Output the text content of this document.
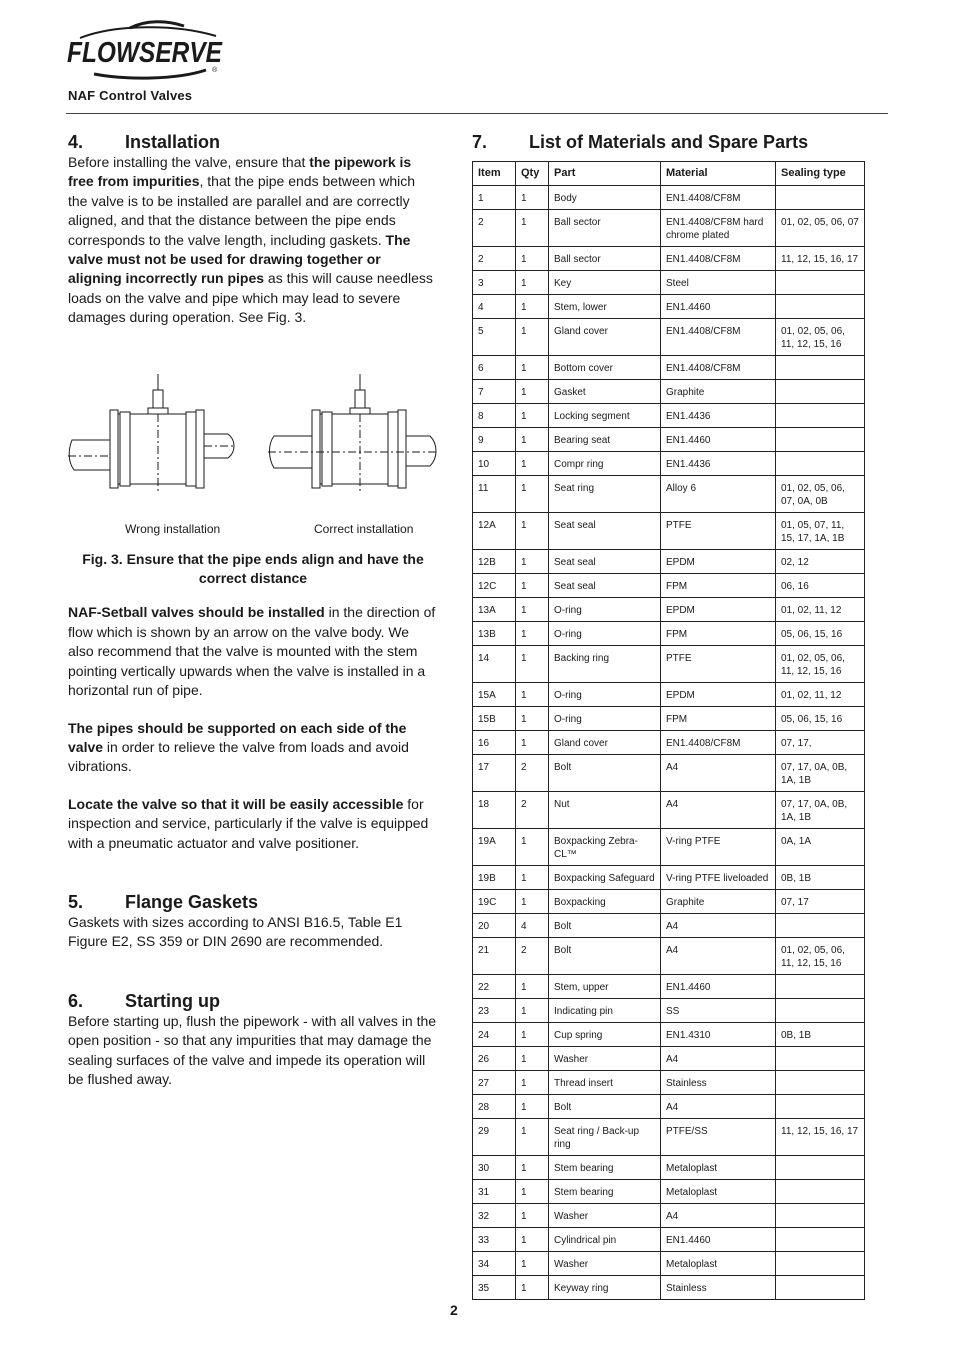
FLOWSERVE
®
NAF Control Valves
4.	Installation

Before installing the valve, ensure that the pipework is free from impurities, that the pipe ends between which the valve is to be installed are parallel and are correctly aligned, and that the distance between the pipe ends corresponds to the valve length, including gaskets. The valve must not be used for drawing together or aligning incorrectly run pipes as this will cause needless loads on the valve and pipe which may lead to severe damages during operation. See Fig. 3.

Wrong installation	Correct installation

Fig. 3. Ensure that the pipe ends align and have the correct distance

NAF-Setball valves should be installed in the direction of flow which is shown by an arrow on the valve body. We also recommend that the valve is mounted with the stem pointing vertically upwards when the valve is installed in a horizontal run of pipe.

The pipes should be supported on each side of the valve in order to relieve the valve from loads and avoid vibrations.

Locate the valve so that it will be easily accessible for inspection and service, particularly if the valve is equipped with a pneumatic actuator and valve positioner.

5.	Flange Gaskets

Gaskets with sizes according to ANSI B16.5, Table E1 Figure E2, SS 359 or DIN 2690 are recommended.

6.	Starting up

Before starting up, flush the pipework - with all valves in the open position - so that any impurities that may damage the sealing surfaces of the valve and impede its operation will be flushed away.

7.	List of Materials and Spare Parts
Item	Qty	Part	Material	Sealing type
1	1	Body	EN1.4408/CF8M	
2	1	Ball sector	EN1.4408/CF8M hard chrome plated	01, 02, 05, 06, 07
2	1	Ball sector	EN1.4408/CF8M	11, 12, 15, 16, 17
3	1	Key	Steel	
4	1	Stem, lower	EN1.4460	
5	1	Gland cover	EN1.4408/CF8M	01, 02, 05, 06, 11, 12, 15, 16
6	1	Bottom cover	EN1.4408/CF8M	
7	1	Gasket	Graphite	
8	1	Locking segment	EN1.4436	
9	1	Bearing seat	EN1.4460	
10	1	Compr ring	EN1.4436	
11	1	Seat ring	Alloy 6	01, 02, 05, 06, 07, 0A, 0B
12A	1	Seat seal	PTFE	01, 05, 07, 11, 15, 17, 1A, 1B
12B	1	Seat seal	EPDM	02, 12
12C	1	Seat seal	FPM	06, 16
13A	1	O-ring	EPDM	01, 02, 11, 12
13B	1	O-ring	FPM	05, 06, 15, 16
14	1	Backing ring	PTFE	01, 02, 05, 06, 11, 12, 15, 16
15A	1	O-ring	EPDM	01, 02, 11, 12
15B	1	O-ring	FPM	05, 06, 15, 16
16	1	Gland cover	EN1.4408/CF8M	07, 17,
17	2	Bolt	A4	07, 17, 0A, 0B, 1A, 1B
18	2	Nut	A4	07, 17, 0A, 0B, 1A, 1B
19A	1	Boxpacking Zebra-CL™	V-ring PTFE	0A, 1A
19B	1	Boxpacking Safeguard	V-ring PTFE liveloaded	0B, 1B
19C	1	Boxpacking	Graphite	07, 17
20	4	Bolt	A4	
21	2	Bolt	A4	01, 02, 05, 06, 11, 12, 15, 16
22	1	Stem, upper	EN1.4460	
23	1	Indicating pin	SS	
24	1	Cup spring	EN1.4310	0B, 1B
26	1	Washer	A4	
27	1	Thread insert	Stainless	
28	1	Bolt	A4	
29	1	Seat ring / Back-up ring	PTFE/SS	11, 12, 15, 16, 17
30	1	Stem bearing	Metaloplast	
31	1	Stem bearing	Metaloplast	
32	1	Washer	A4	
33	1	Cylindrical pin	EN1.4460	
34	1	Washer	Metaloplast	
35	1	Keyway ring	Stainless	
2
